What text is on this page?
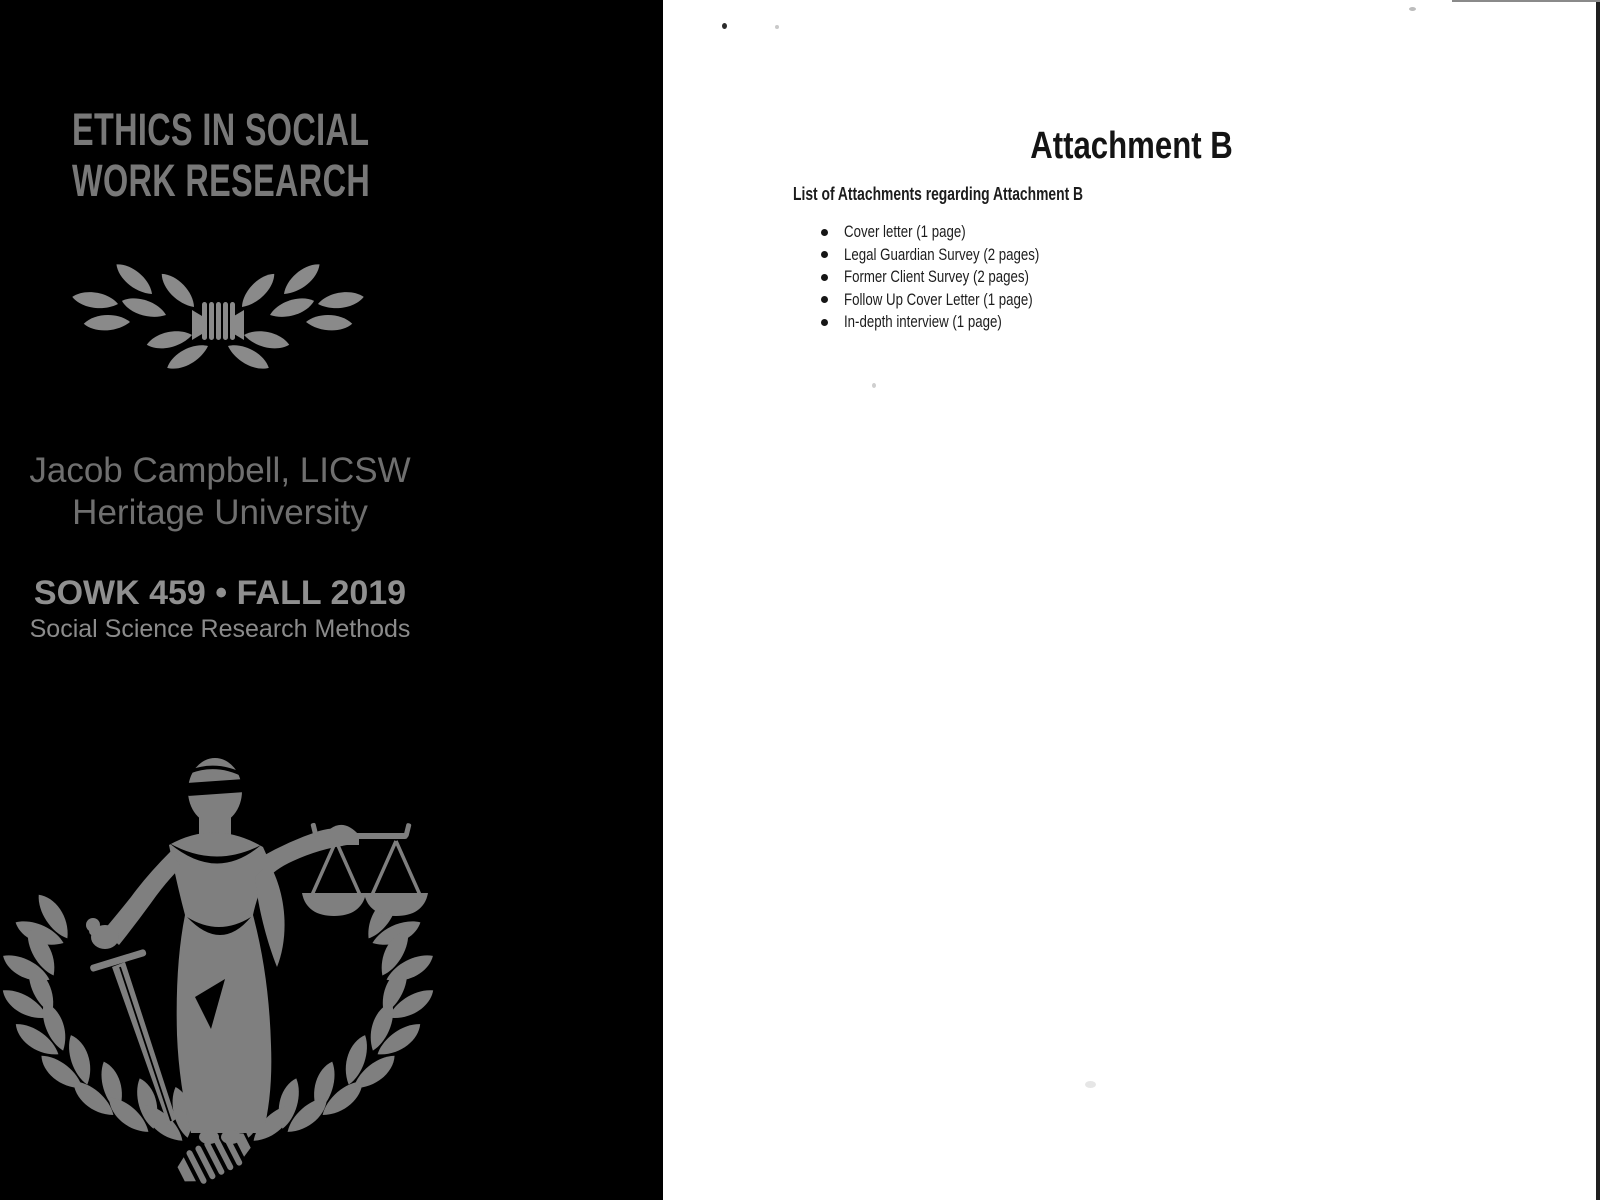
ETHICS IN SOCIAL
WORK RESEARCH
Jacob Campbell, LICSW
Heritage University
SOWK 459 • FALL 2019
Social Science Research Methods
Attachment B

List of Attachments regarding Attachment B

Cover letter (1 page)
Legal Guardian Survey (2 pages)
Former Client Survey (2 pages)
Follow Up Cover Letter (1 page)
In-depth interview (1 page)
